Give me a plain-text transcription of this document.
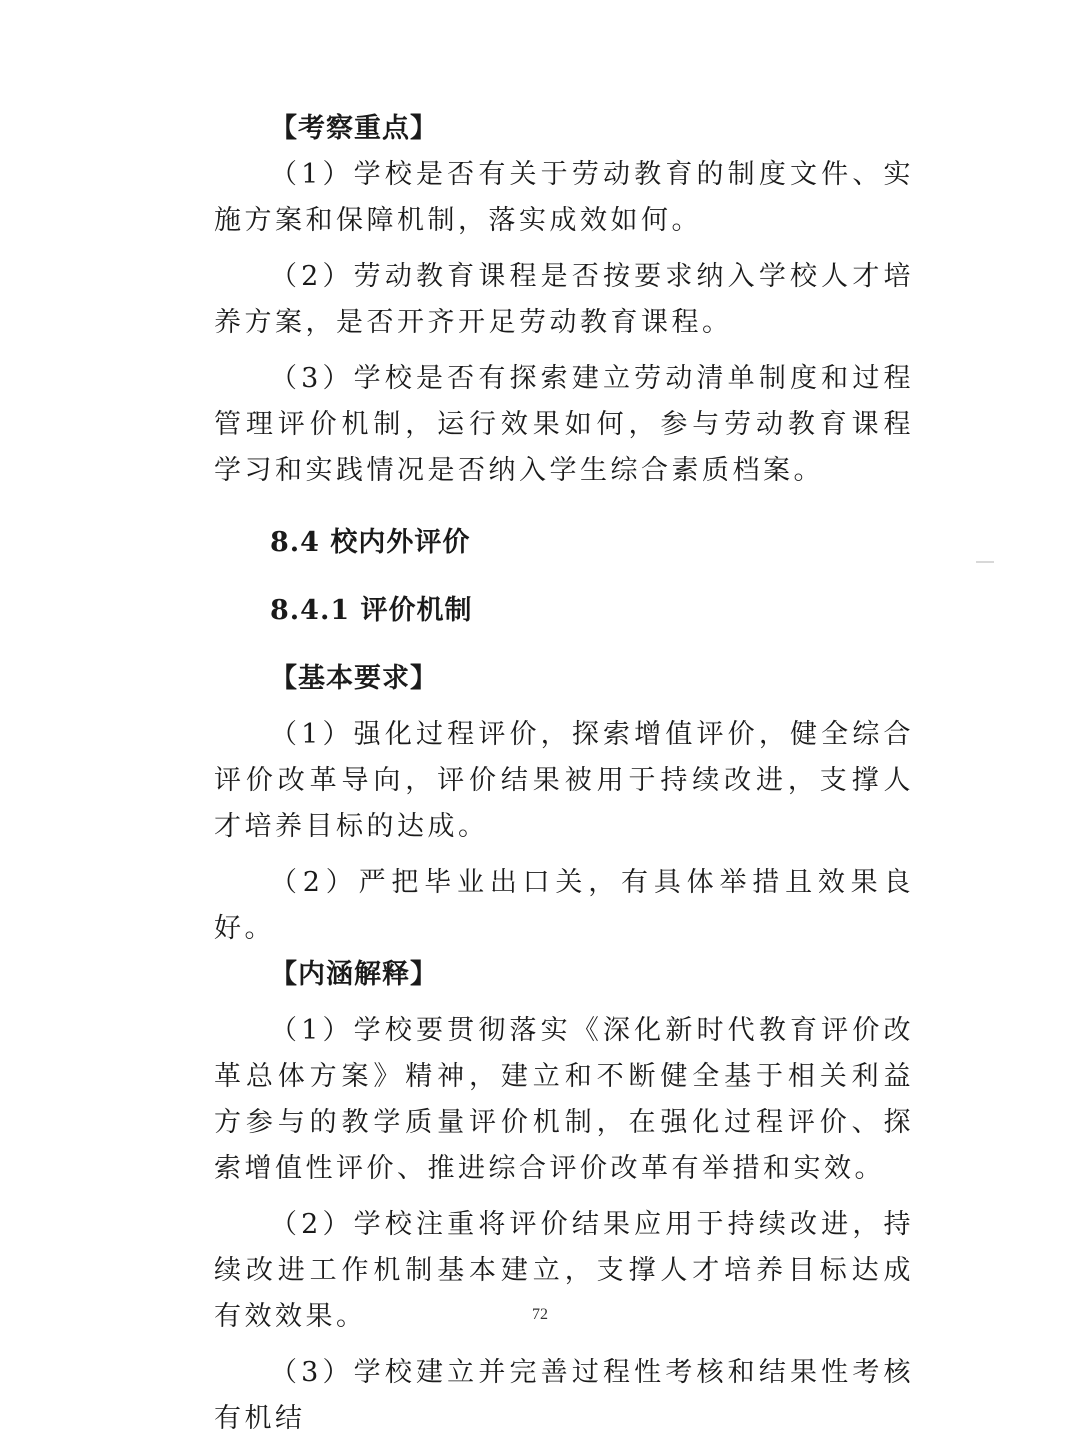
【考察重点】

（1）学校是否有关于劳动教育的制度文件、实施方案和保障机制，落实成效如何。

（2）劳动教育课程是否按要求纳入学校人才培养方案，是否开齐开足劳动教育课程。

（3）学校是否有探索建立劳动清单制度和过程管理评价机制，运行效果如何，参与劳动教育课程学习和实践情况是否纳入学生综合素质档案。

8.4 校内外评价

8.4.1 评价机制

【基本要求】

（1）强化过程评价，探索增值评价，健全综合评价改革导向，评价结果被用于持续改进，支撑人才培养目标的达成。

（2）严把毕业出口关，有具体举措且效果良好。

【内涵解释】

（1）学校要贯彻落实《深化新时代教育评价改革总体方案》精神，建立和不断健全基于相关利益方参与的教学质量评价机制，在强化过程评价、探索增值性评价、推进综合评价改革有举措和实效。

（2）学校注重将评价结果应用于持续改进，持续改进工作机制基本建立，支撑人才培养目标达成有效效果。

（3）学校建立并完善过程性考核和结果性考核有机结

72
